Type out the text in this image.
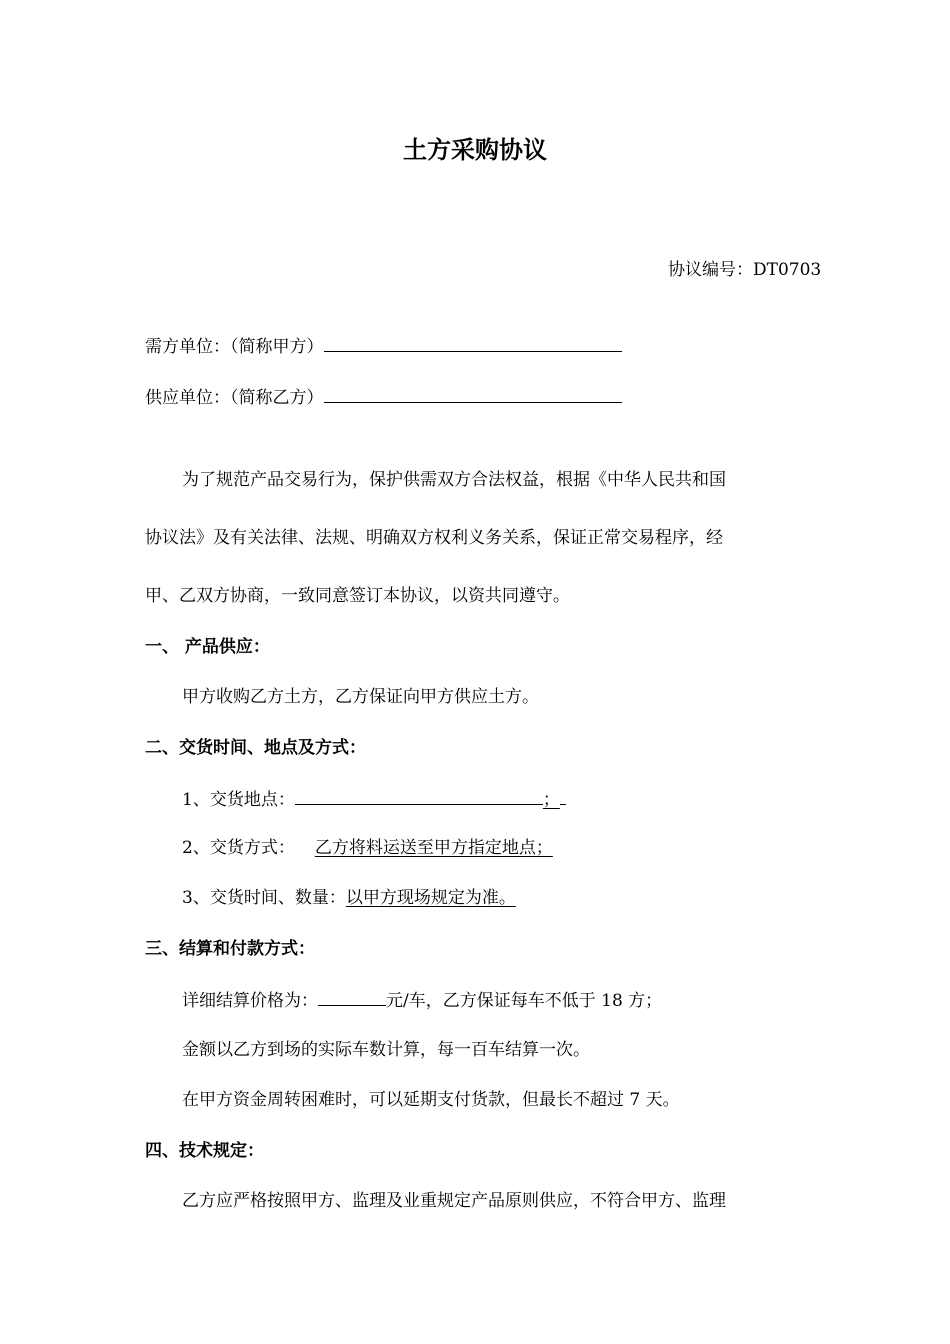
土方采购协议
协议编号：DT0703
需方单位：（简称甲方）
供应单位：（简称乙方）
为了规范产品交易行为，保护供需双方合法权益，根据《中华人民共和国
协议法》及有关法律、法规、明确双方权利义务关系，保证正常交易程序，经
甲、乙双方协商，一致同意签订本协议，以资共同遵守。
一、 产品供应：
甲方收购乙方土方，乙方保证向甲方供应土方。
二、交货时间、地点及方式：
1、交货地点：	；
2、交货方式： 乙方将料运送至甲方指定地点；
3、交货时间、数量：以甲方现场规定为准。
三、结算和付款方式：
详细结算价格为：	元/车，乙方保证每车不低于 18 方；
金额以乙方到场的实际车数计算，每一百车结算一次。
在甲方资金周转困难时，可以延期支付货款，但最长不超过 7 天。
四、技术规定：
乙方应严格按照甲方、监理及业重规定产品原则供应，不符合甲方、监理
